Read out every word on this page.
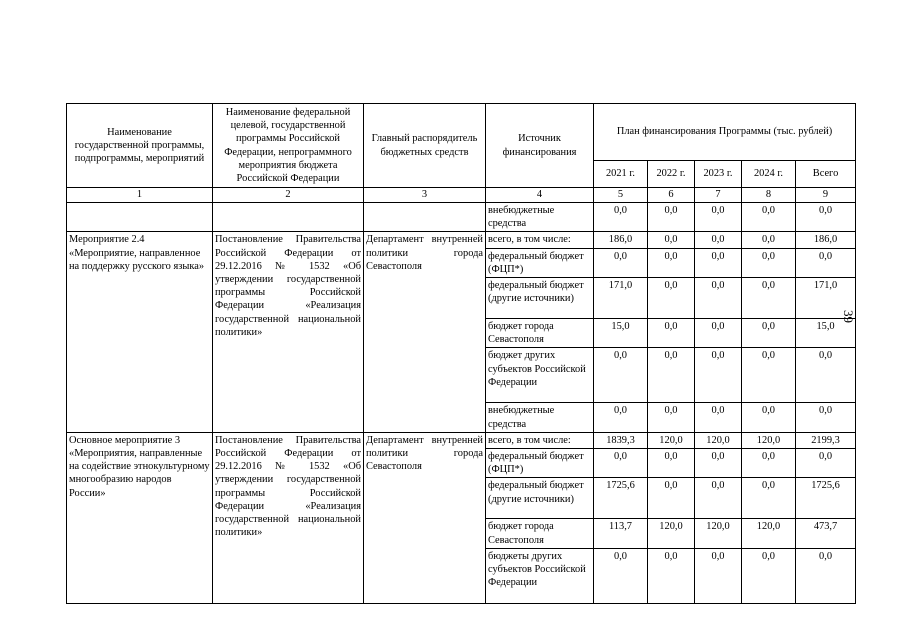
39
Наименование государственной программы, подпрограммы, мероприятий	Наименование федеральной целевой, государственной программы Российской Федерации, непрограммного мероприятия бюджета Российской Федерации	Главный распорядитель бюджетных средств	Источник финансирования	План финансирования Программы (тыс. рублей)				
				2021 г.	2022 г.	2023 г.	2024 г.	Всего
1	2	3	4	5	6	7	8	9
			внебюджетные средства	0,0	0,0	0,0	0,0	0,0
Мероприятие 2.4 «Мероприятие, направленное на поддержку русского языка»	Постановление Правительства Российской Федерации от 29.12.2016 № 1532 «Об утверждении государственной программы Российской Федерации «Реализация государственной национальной политики»	Департамент внутренней политики города Севастополя	всего, в том числе:	186,0	0,0	0,0	0,0	186,0
			федеральный бюджет (ФЦП*)	0,0	0,0	0,0	0,0	0,0
			федеральный бюджет (другие источники)	171,0	0,0	0,0	0,0	171,0
			бюджет города Севастополя	15,0	0,0	0,0	0,0	15,0
			бюджет других субъектов Российской Федерации	0,0	0,0	0,0	0,0	0,0
			внебюджетные средства	0,0	0,0	0,0	0,0	0,0
Основное мероприятие 3 «Мероприятия, направленные на содействие этнокультурному многообразию народов России»	Постановление Правительства Российской Федерации от 29.12.2016 № 1532 «Об утверждении государственной программы Российской Федерации «Реализация государственной национальной политики»	Департамент внутренней политики города Севастополя	всего, в том числе:	1839,3	120,0	120,0	120,0	2199,3
			федеральный бюджет (ФЦП*)	0,0	0,0	0,0	0,0	0,0
			федеральный бюджет (другие источники)	1725,6	0,0	0,0	0,0	1725,6
			бюджет города Севастополя	113,7	120,0	120,0	120,0	473,7
			бюджеты других субъектов Российской Федерации	0,0	0,0	0,0	0,0	0,0
